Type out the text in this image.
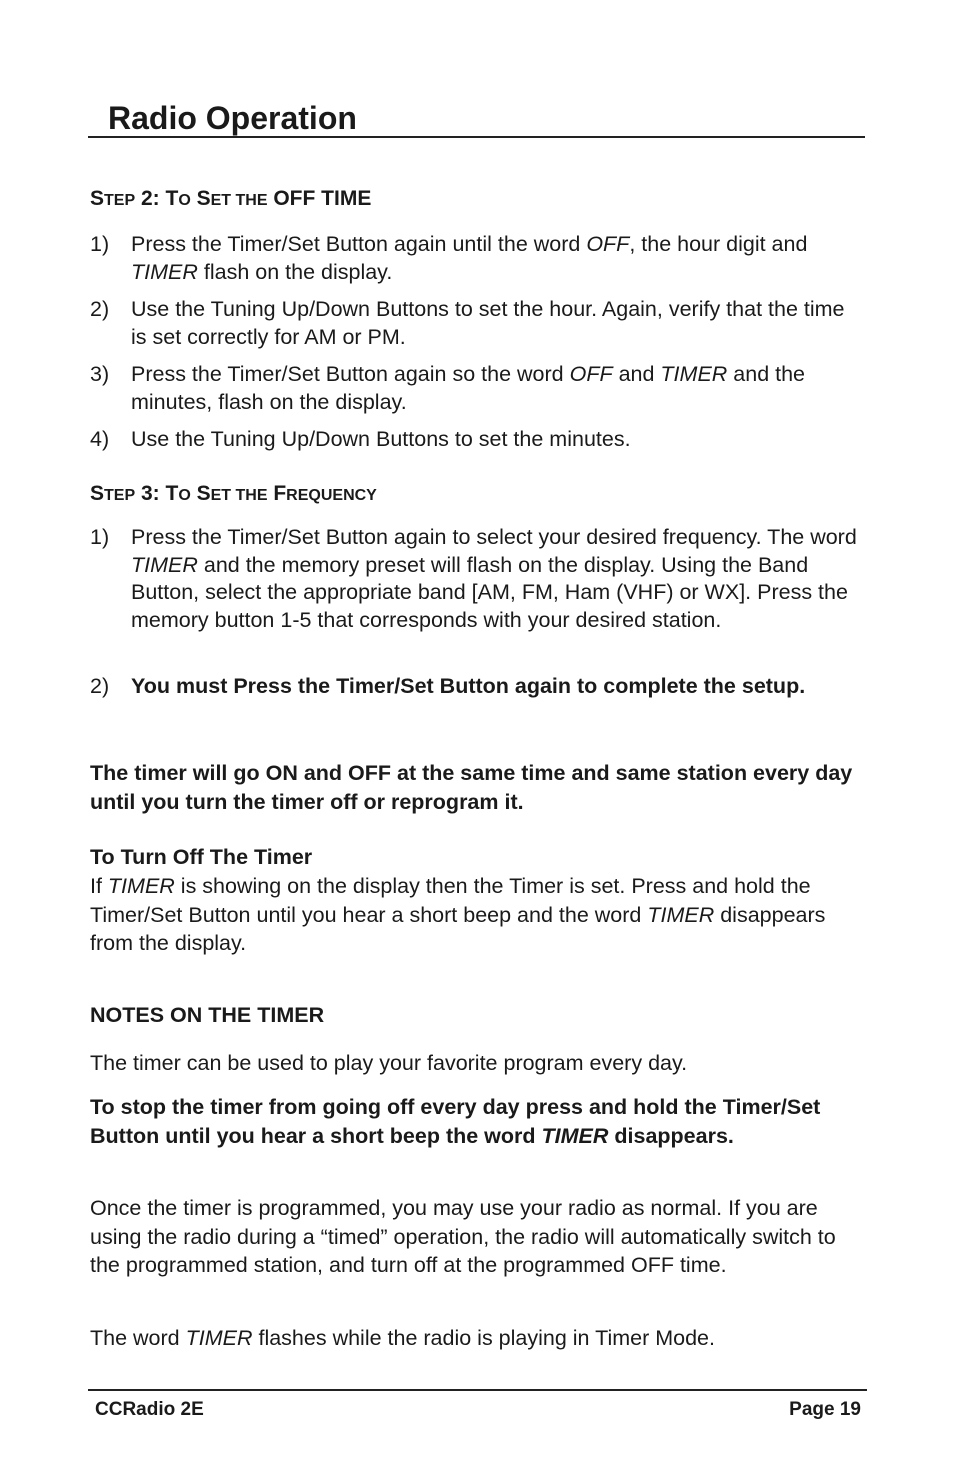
Radio Operation

STEP 2: TO SET THE OFF TIME

1) Press the Timer/Set Button again until the word OFF, the hour digit and TIMER flash on the display.
2) Use the Tuning Up/Down Buttons to set the hour. Again, verify that the time is set correctly for AM or PM.
3) Press the Timer/Set Button again so the word OFF and TIMER and the minutes, flash on the display.
4) Use the Tuning Up/Down Buttons to set the minutes.

STEP 3: TO SET THE FREQUENCY

1) Press the Timer/Set Button again to select your desired frequency. The word TIMER and the memory preset will flash on the display. Using the Band Button, select the appropriate band [AM, FM, Ham (VHF) or WX]. Press the memory button 1-5 that corresponds with your desired station.
2) You must Press the Timer/Set Button again to complete the setup.

The timer will go ON and OFF at the same time and same station every day until you turn the timer off or reprogram it.

To Turn Off The Timer

If TIMER is showing on the display then the Timer is set. Press and hold the Timer/Set Button until you hear a short beep and the word TIMER disappears from the display.

NOTES ON THE TIMER

The timer can be used to play your favorite program every day.

To stop the timer from going off every day press and hold the Timer/Set Button until you hear a short beep the word TIMER disappears.

Once the timer is programmed, you may use your radio as normal. If you are using the radio during a “timed” operation, the radio will automatically switch to the programmed station, and turn off at the programmed OFF time.

The word TIMER flashes while the radio is playing in Timer Mode.

CCRadio 2E	Page 19
